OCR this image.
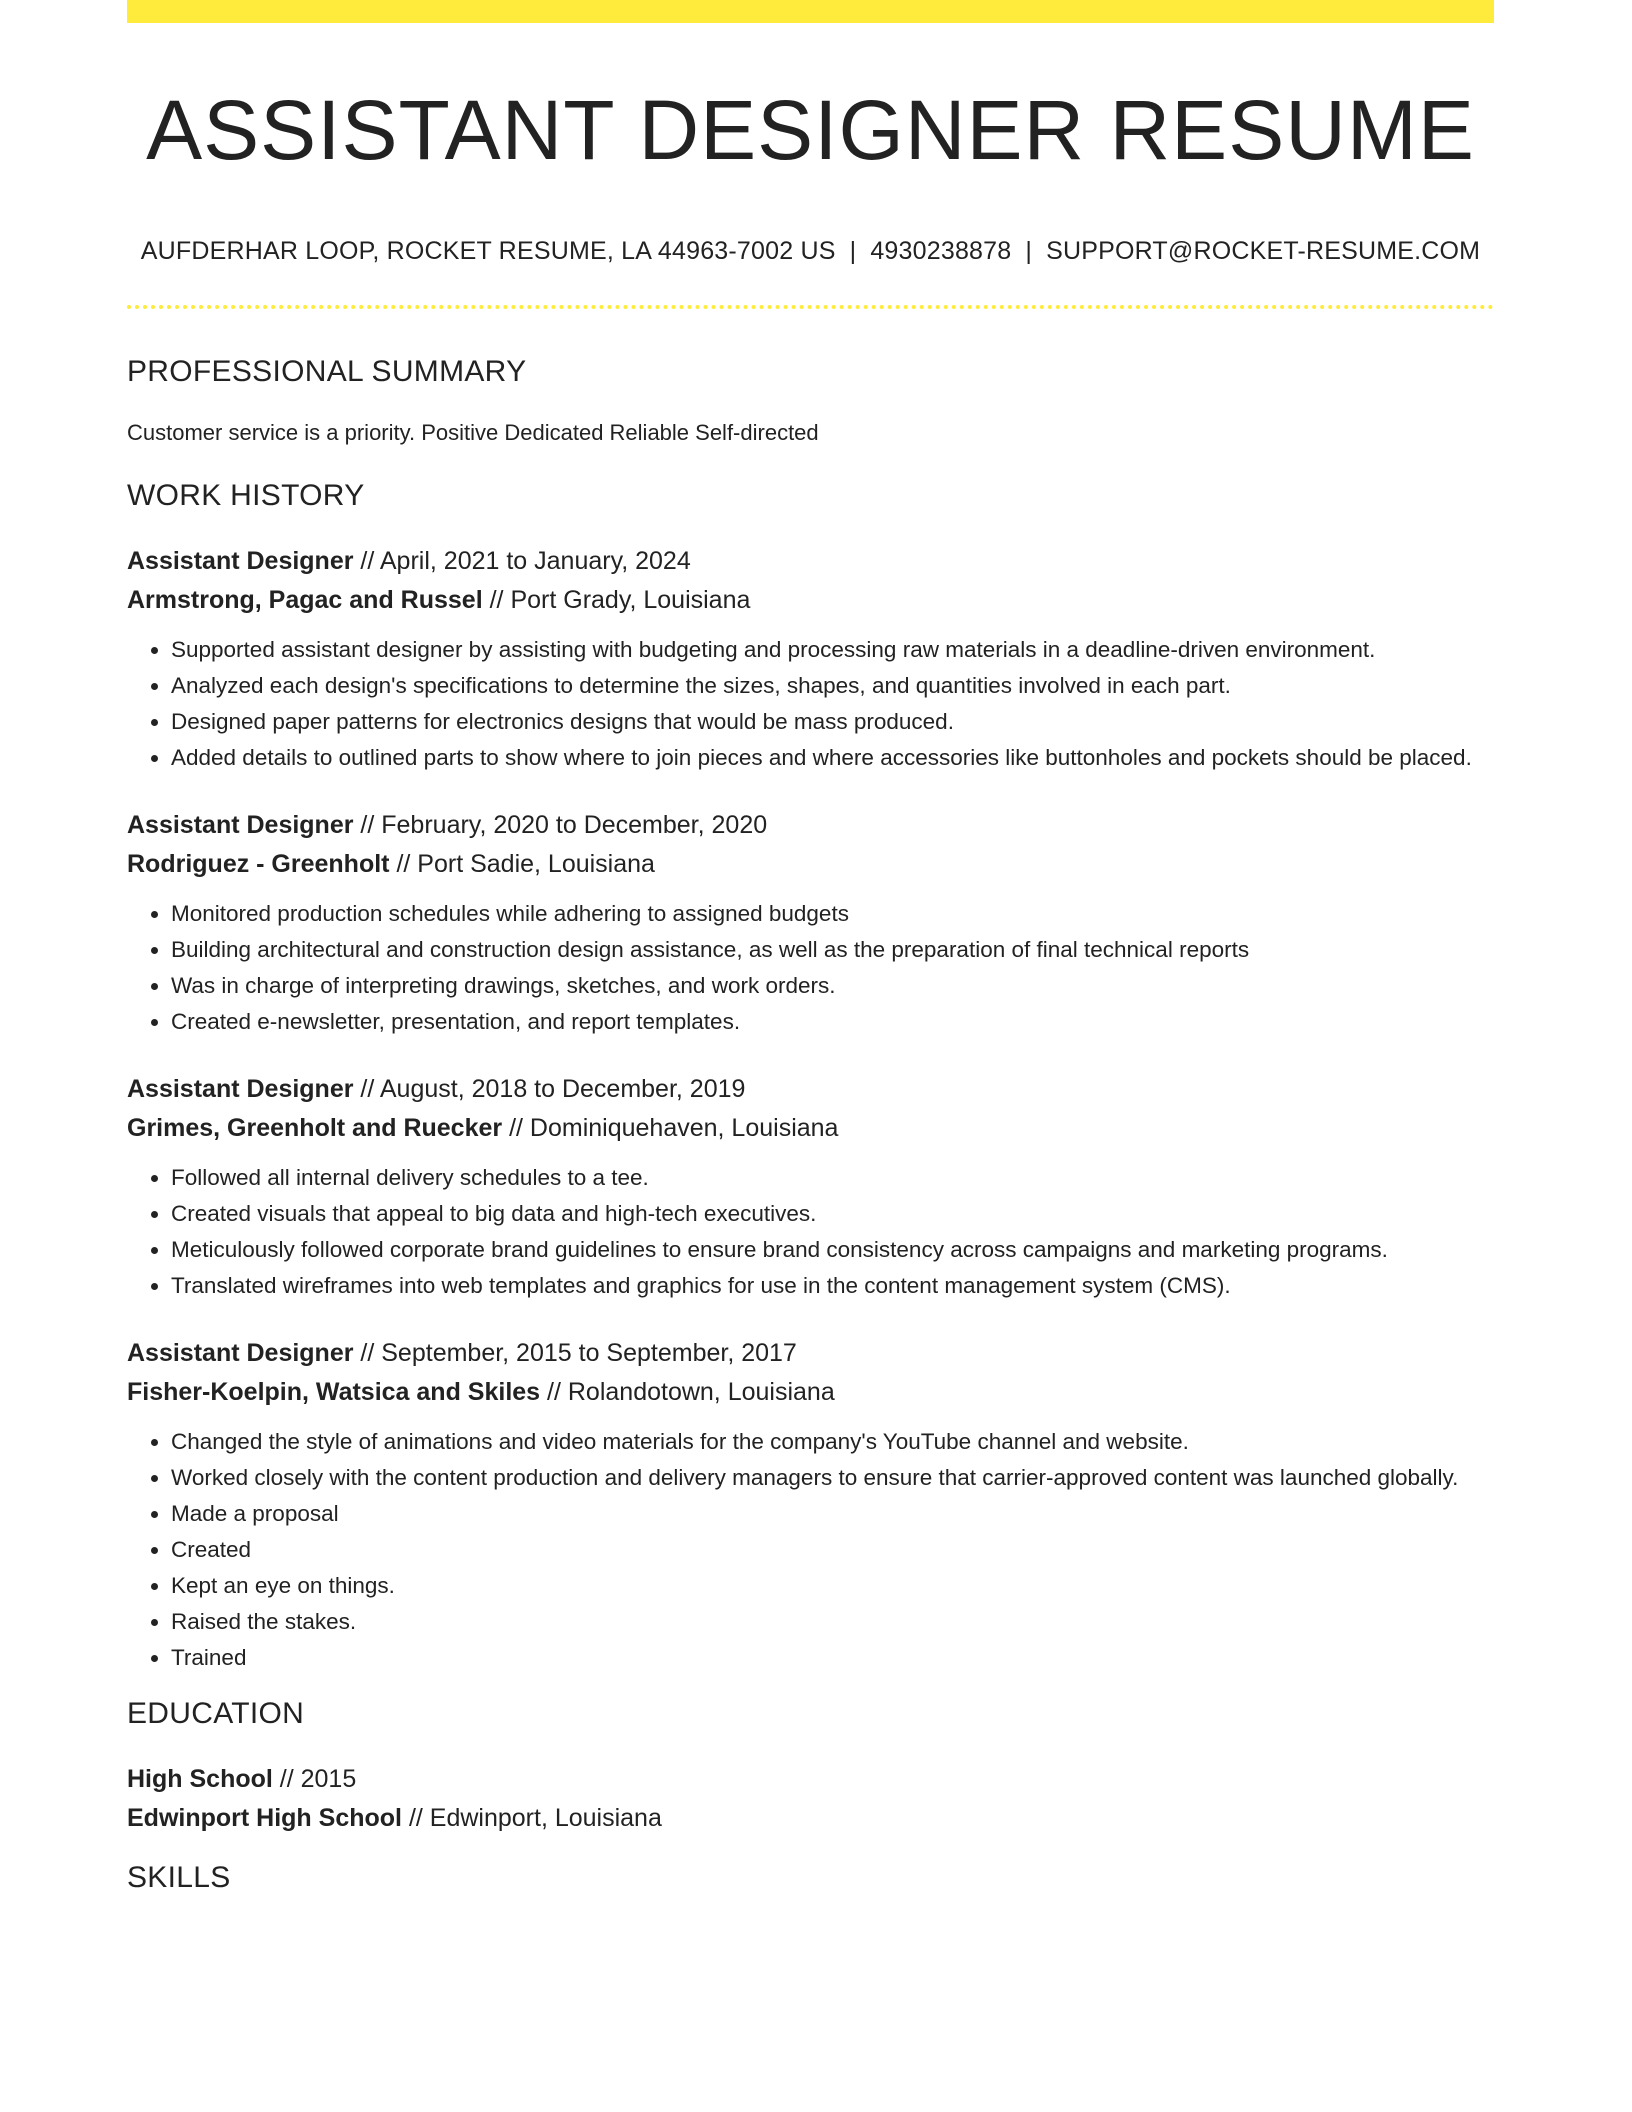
ASSISTANT DESIGNER RESUME
AUFDERHAR LOOP, ROCKET RESUME, LA 44963-7002 US | 4930238878 | SUPPORT@ROCKET-RESUME.COM
PROFESSIONAL SUMMARY

Customer service is a priority. Positive Dedicated Reliable Self-directed

WORK HISTORY
Assistant Designer // April, 2021 to January, 2024
Armstrong, Pagac and Russel // Port Grady, Louisiana
• Supported assistant designer by assisting with budgeting and processing raw materials in a deadline-driven environment.
• Analyzed each design's specifications to determine the sizes, shapes, and quantities involved in each part.
• Designed paper patterns for electronics designs that would be mass produced.
• Added details to outlined parts to show where to join pieces and where accessories like buttonholes and pockets should be placed.
Assistant Designer // February, 2020 to December, 2020
Rodriguez - Greenholt // Port Sadie, Louisiana
• Monitored production schedules while adhering to assigned budgets
• Building architectural and construction design assistance, as well as the preparation of final technical reports
• Was in charge of interpreting drawings, sketches, and work orders.
• Created e-newsletter, presentation, and report templates.
Assistant Designer // August, 2018 to December, 2019
Grimes, Greenholt and Ruecker // Dominiquehaven, Louisiana
• Followed all internal delivery schedules to a tee.
• Created visuals that appeal to big data and high-tech executives.
• Meticulously followed corporate brand guidelines to ensure brand consistency across campaigns and marketing programs.
• Translated wireframes into web templates and graphics for use in the content management system (CMS).
Assistant Designer // September, 2015 to September, 2017
Fisher-Koelpin, Watsica and Skiles // Rolandotown, Louisiana
• Changed the style of animations and video materials for the company's YouTube channel and website.
• Worked closely with the content production and delivery managers to ensure that carrier-approved content was launched globally.
• Made a proposal
• Created
• Kept an eye on things.
• Raised the stakes.
• Trained
EDUCATION
High School // 2015
Edwinport High School // Edwinport, Louisiana
SKILLS
